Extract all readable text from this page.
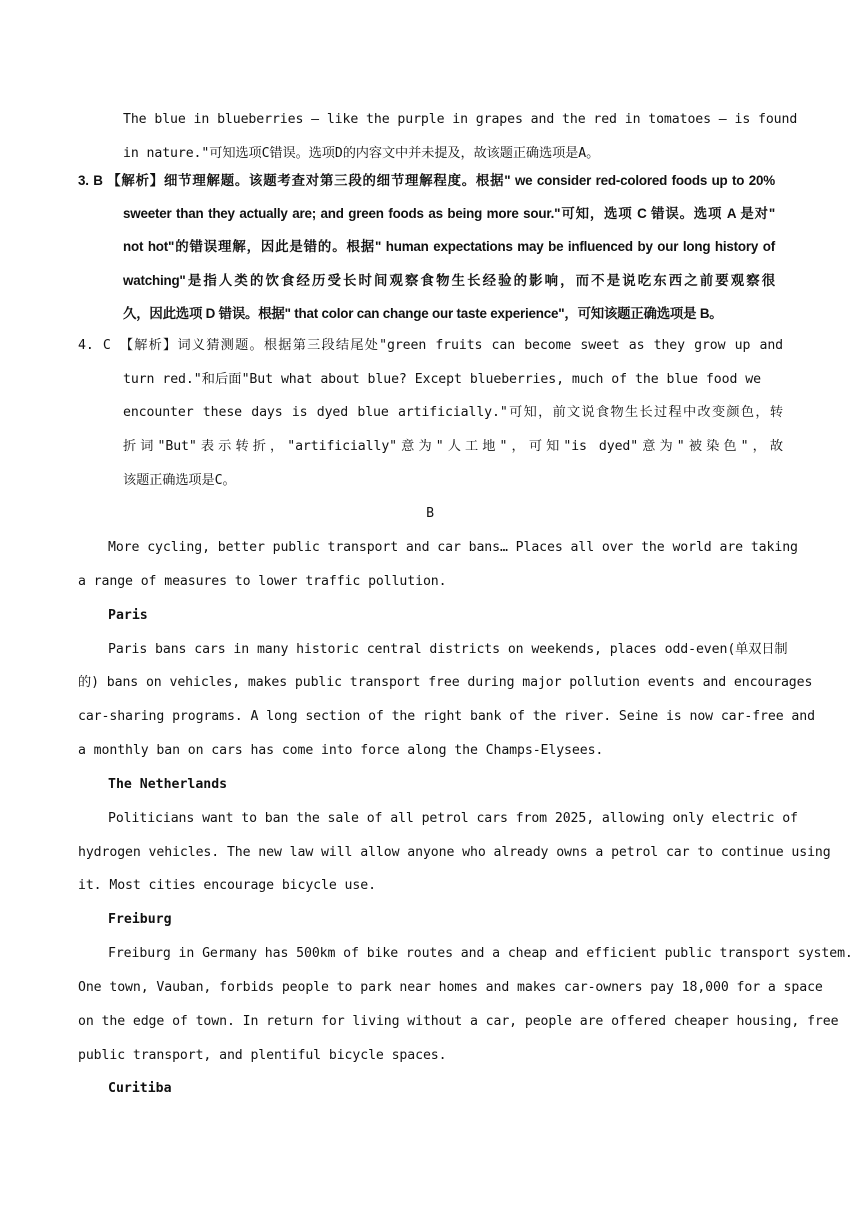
The blue in blueberries — like the purple in grapes and the red in tomatoes — is found
in nature."可知选项C错误。选项D的内容文中并未提及，故该题正确选项是A。
3. B 【解析】细节理解题。该题考查对第三段的细节理解程度。根据" we consider red-colored foods up to 20%
sweeter than they actually are; and green foods as being more sour."可知，选项 C 错误。选项 A 是对"
not hot"的错误理解，因此是错的。根据" human expectations may be influenced by our long history of
watching"是指人类的饮食经历受长时间观察食物生长经验的影响，而不是说吃东西之前要观察很
久，因此选项 D 错误。根据" that color can change our taste experience"，可知该题正确选项是 B。
4. C 【解析】词义猜测题。根据第三段结尾处"green fruits can become sweet as they grow up and
turn red."和后面"But what about blue? Except blueberries, much of the blue food we
encounter these days is dyed blue artificially."可知，前文说食物生长过程中改变颜色，转
折词"But"表示转折，"artificially"意为"人工地"，可知"is dyed"意为"被染色"，故
该题正确选项是C。
B
More cycling, better public transport and car bans… Places all over the world are taking
a range of measures to lower traffic pollution.
Paris
Paris bans cars in many historic central districts on weekends, places odd-even(单双日制
的) bans on vehicles, makes public transport free during major pollution events and encourages
car-sharing programs. A long section of the right bank of the river. Seine is now car-free and
a monthly ban on cars has come into force along the Champs-Elysees.
The Netherlands
Politicians want to ban the sale of all petrol cars from 2025, allowing only electric of
hydrogen vehicles. The new law will allow anyone who already owns a petrol car to continue using
it. Most cities encourage bicycle use.
Freiburg
Freiburg in Germany has 500km of bike routes and a cheap and efficient public transport system.
One town, Vauban, forbids people to park near homes and makes car-owners pay 18,000 for a space
on the edge of town. In return for living without a car, people are offered cheaper housing, free
public transport, and plentiful bicycle spaces.
Curitiba
